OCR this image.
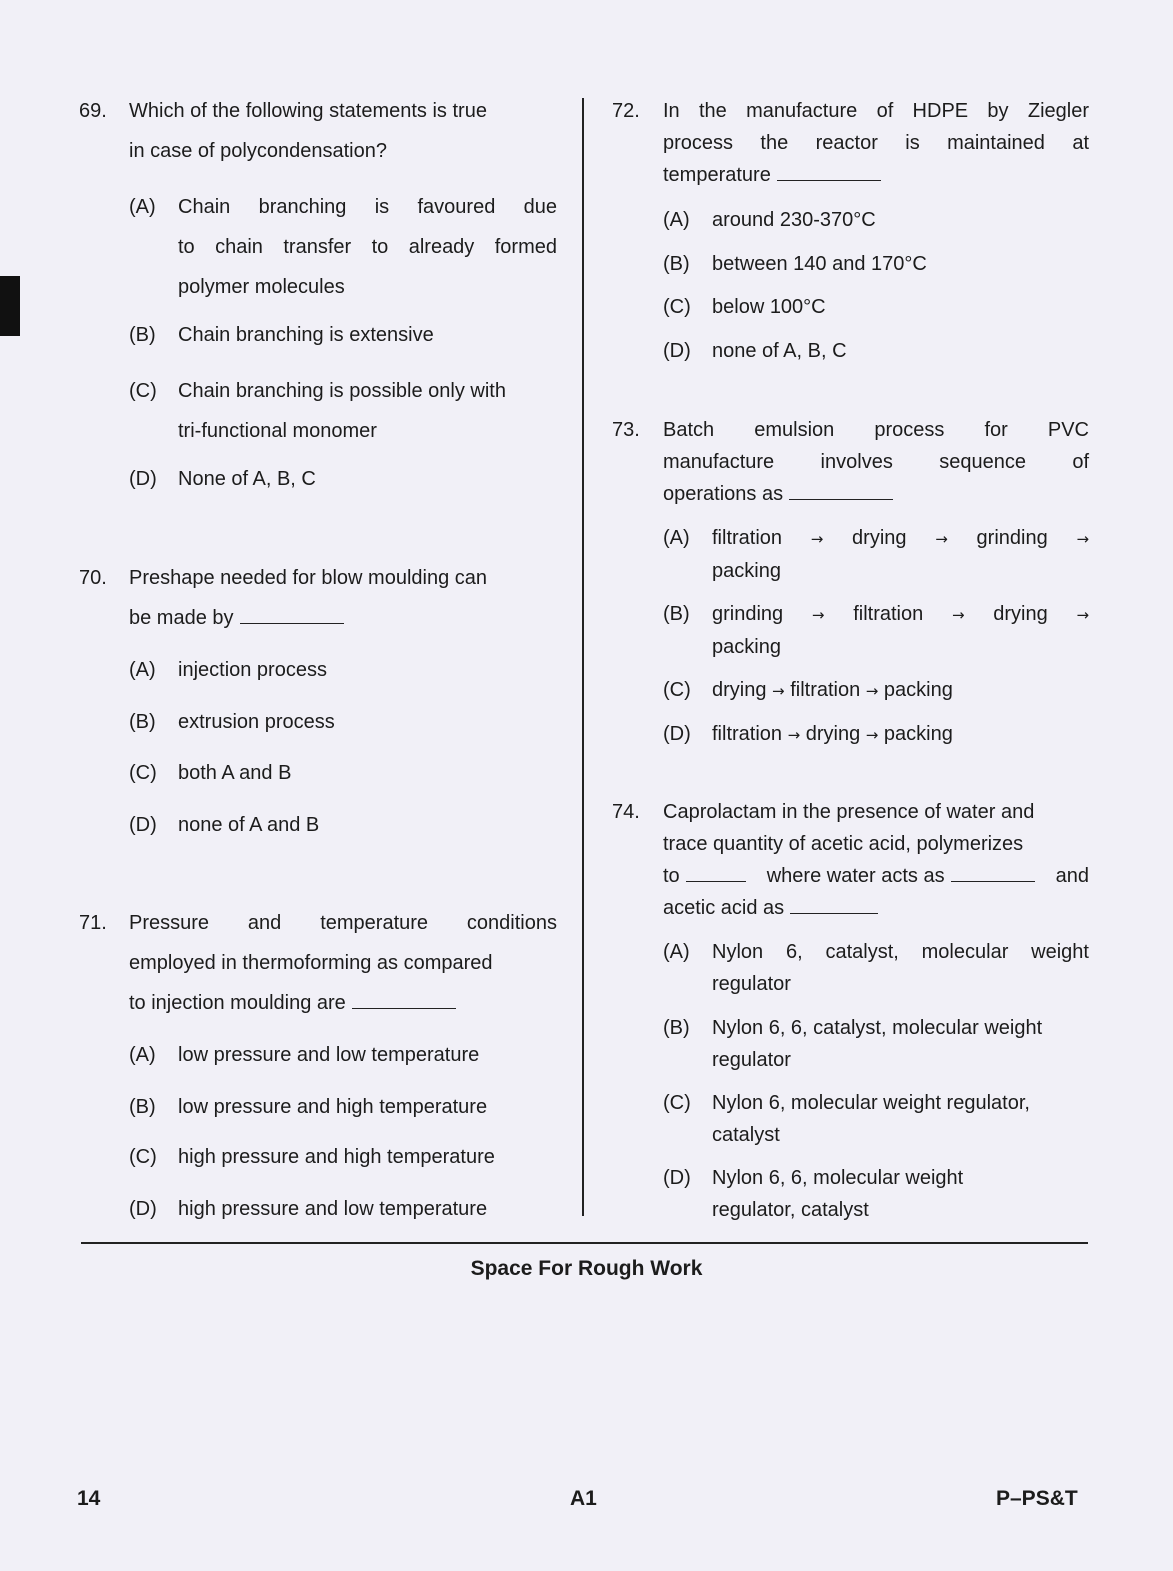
69.	Which of the following statements is true
in case of polycondensation?
(A)	Chain branching is favoured due
to chain transfer to already formed
polymer molecules
(B)	Chain branching is extensive
(C)	Chain branching is possible only with
tri-functional monomer
(D)	None of A, B, C
70.	Preshape needed for blow moulding can
be made by
(A)	injection process
(B)	extrusion process
(C)	both A and B
(D)	none of A and B
71.	Pressure and temperature conditions
employed in thermoforming as compared
to injection moulding are
(A)	low pressure and low temperature
(B)	low pressure and high temperature
(C)	high pressure and high temperature
(D)	high pressure and low temperature
72.	In the manufacture of HDPE by Ziegler
process the reactor is maintained at
temperature
(A)	around 230-370°C
(B)	between 140 and 170°C
(C)	below 100°C
(D)	none of A, B, C
73.	Batch emulsion process for PVC
manufacture involves sequence of
operations as
(A)	filtration → drying → grinding →
packing
(B)	grinding → filtration → drying →
packing
(C)	drying → filtration → packing
(D)	filtration → drying → packing
74.	Caprolactam in the presence of water and
trace quantity of acetic acid, polymerizes
to	where water acts as	and
acetic acid as
(A)	Nylon 6, catalyst, molecular weight
regulator
(B)	Nylon 6, 6, catalyst, molecular weight
regulator
(C)	Nylon 6, molecular weight regulator,
catalyst
(D)	Nylon 6, 6, molecular weight
regulator, catalyst
Space For Rough Work
14	A1	P–PS&T
